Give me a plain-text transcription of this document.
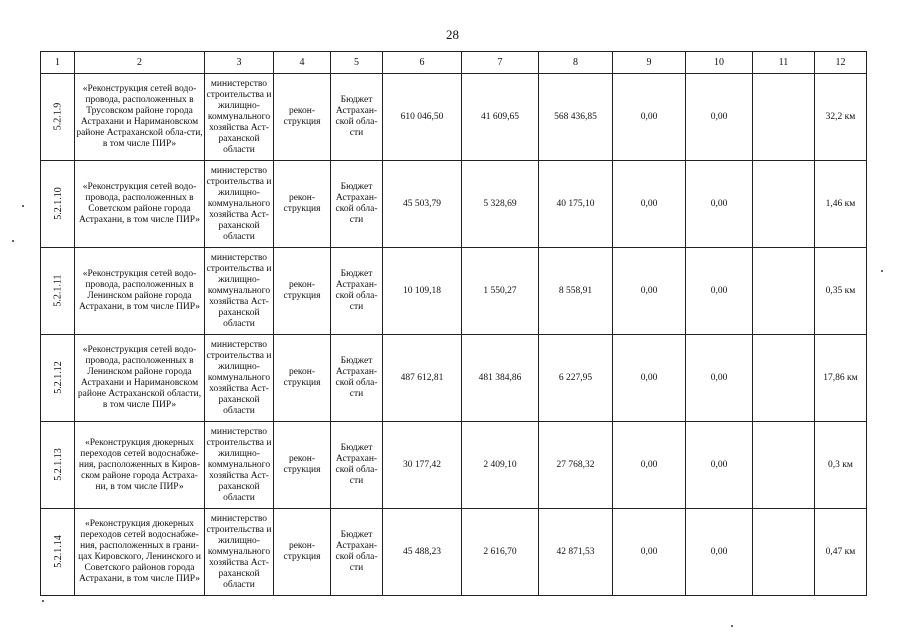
28
1	2	3	4	5	6	7	8	9	10	11	12
5.2.1.9	«Реконструкция сетей водо-провода, расположенных в Трусовском районе города Астрахани и Наримановском районе Астраханской обла-сти, в том числе ПИР»	министерство строительства и жилищно-коммунального хозяйства Аст-раханской области	рекон-струкция	Бюджет Астрахан-ской обла-сти	610 046,50	41 609,65	568 436,85	0,00	0,00		32,2 км
5.2.1.10	«Реконструкция сетей водо-провода, расположенных в Советском районе города Астрахани, в том числе ПИР»	министерство строительства и жилищно-коммунального хозяйства Аст-раханской области	рекон-струкция	Бюджет Астрахан-ской обла-сти	45 503,79	5 328,69	40 175,10	0,00	0,00		1,46 км
5.2.1.11	«Реконструкция сетей водо-провода, расположенных в Ленинском районе города Астрахани, в том числе ПИР»	министерство строительства и жилищно-коммунального хозяйства Аст-раханской области	рекон-струкция	Бюджет Астрахан-ской обла-сти	10 109,18	1 550,27	8 558,91	0,00	0,00		0,35 км
5.2.1.12	«Реконструкция сетей водо-провода, расположенных в Ленинском районе города Астрахани и Наримановском районе Астраханской области, в том числе ПИР»	министерство строительства и жилищно-коммунального хозяйства Аст-раханской области	рекон-струкция	Бюджет Астрахан-ской обла-сти	487 612,81	481 384,86	6 227,95	0,00	0,00		17,86 км
5.2.1.13	«Реконструкция дюкерных переходов сетей водоснабже-ния, расположенных в Киров-ском районе города Астраха-ни, в том числе ПИР»	министерство строительства и жилищно-коммунального хозяйства Аст-раханской области	рекон-струкция	Бюджет Астрахан-ской обла-сти	30 177,42	2 409,10	27 768,32	0,00	0,00		0,3 км
5.2.1.14	«Реконструкция дюкерных переходов сетей водоснабже-ния, расположенных в грани-цах Кировского, Ленинского и Советского районов города Астрахани, в том числе ПИР»	министерство строительства и жилищно-коммунального хозяйства Аст-раханской области	рекон-струкция	Бюджет Астрахан-ской обла-сти	45 488,23	2 616,70	42 871,53	0,00	0,00		0,47 км
